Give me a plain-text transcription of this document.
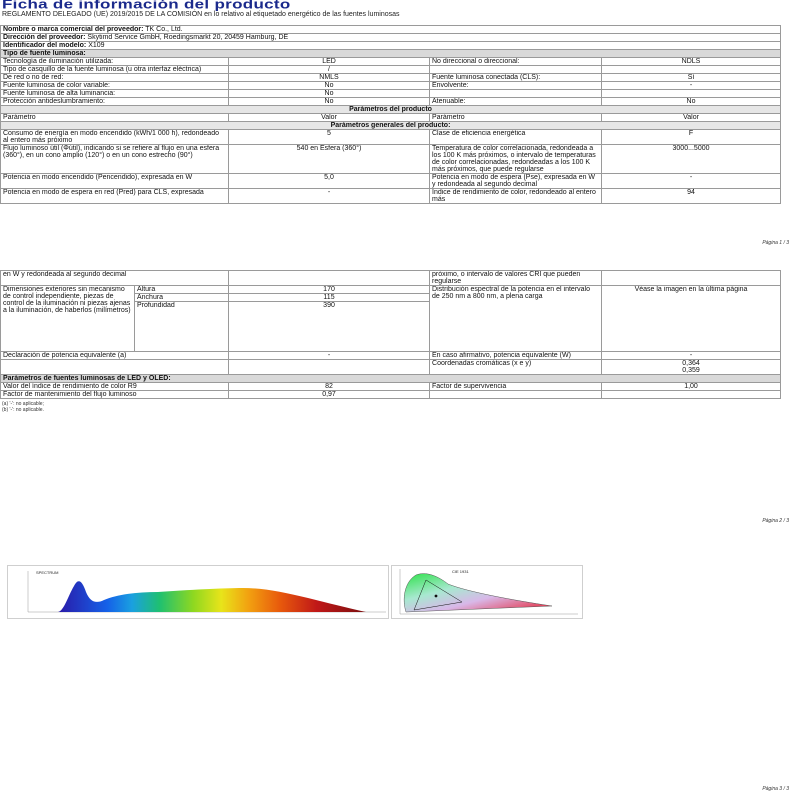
Ficha de información del producto
REGLAMENTO DELEGADO (UE) 2019/2015 DE LA COMISIÓN en lo relativo al etiquetado energético de las fuentes luminosas
Nombre o marca comercial del proveedor: TK Co., Ltd.			
Dirección del proveedor: Skytimd Service GmbH, Roedingsmarkt 20, 20459 Hamburg, DE			
Identificador del modelo: X109			
Tipo de fuente luminosa:			
Tecnología de iluminación utilizada:	LED	No direccional o direccional:	NDLS
Tipo de casquillo de la fuente luminosa (u otra interfaz eléctrica)	/		
De red o no de red:	NMLS	Fuente luminosa conectada (CLS):	Sí
Fuente luminosa de color variable:	No	Envolvente:	-
Fuente luminosa de alta luminancia:	No		
Protección antideslumbramiento:	No	Atenuable:	No
Parámetros del producto			
Parámetro	Valor	Parámetro	Valor
Parámetros generales del producto:			
Consumo de energía en modo encendido (kWh/1 000 h), redondeado al entero más próximo	5	Clase de eficiencia energética	F
Flujo luminoso útil (Φútil), indicando si se refiere al flujo en una esfera (360°), en un cono amplio (120°) o en un cono estrecho (90°)	540 en Esfera (360°)	Temperatura de color correlacionada, redondeada a los 100 K más próximos, o intervalo de temperaturas de color correlacionadas, redondeadas a los 100 K más próximos, que puede regularse	3000...5000
Potencia en modo encendido (Pencendido), expresada en W	5,0	Potencia en modo de espera (Pse), expresada en W y redondeada al segundo decimal	-
Potencia en modo de espera en red (Pred) para CLS, expresada	-	Índice de rendimiento de color, redondeado al entero más	94
Página 1 / 3
en W y redondeada al segundo decimal			próximo, o intervalo de valores CRI que pueden regularse	
Dimensiones exteriores sin mecanismo de control independiente, piezas de control de la iluminación ni piezas ajenas a la iluminación, de haberlos (milímetros)	Altura	170	Distribución espectral de la potencia en el intervalo de 250 nm a 800 nm, a plena carga	Véase la imagen en la última página
	Anchura	115		
	Profundidad	390		
Declaración de potencia equivalente (a)		-	En caso afirmativo, potencia equivalente (W)	-
			Coordenadas cromáticas (x e y)	0,364
0,359
Parámetros de fuentes luminosas de LED y OLED:				
Valor del índice de rendimiento de color R9		82	Factor de supervivencia	1,00
Factor de mantenimiento del flujo luminoso		0,97		
(a) '-': no aplicable;
(b) '-': no aplicable.
Página 2 / 3
SPECTRUM	CIE 1931
Página 3 / 3
